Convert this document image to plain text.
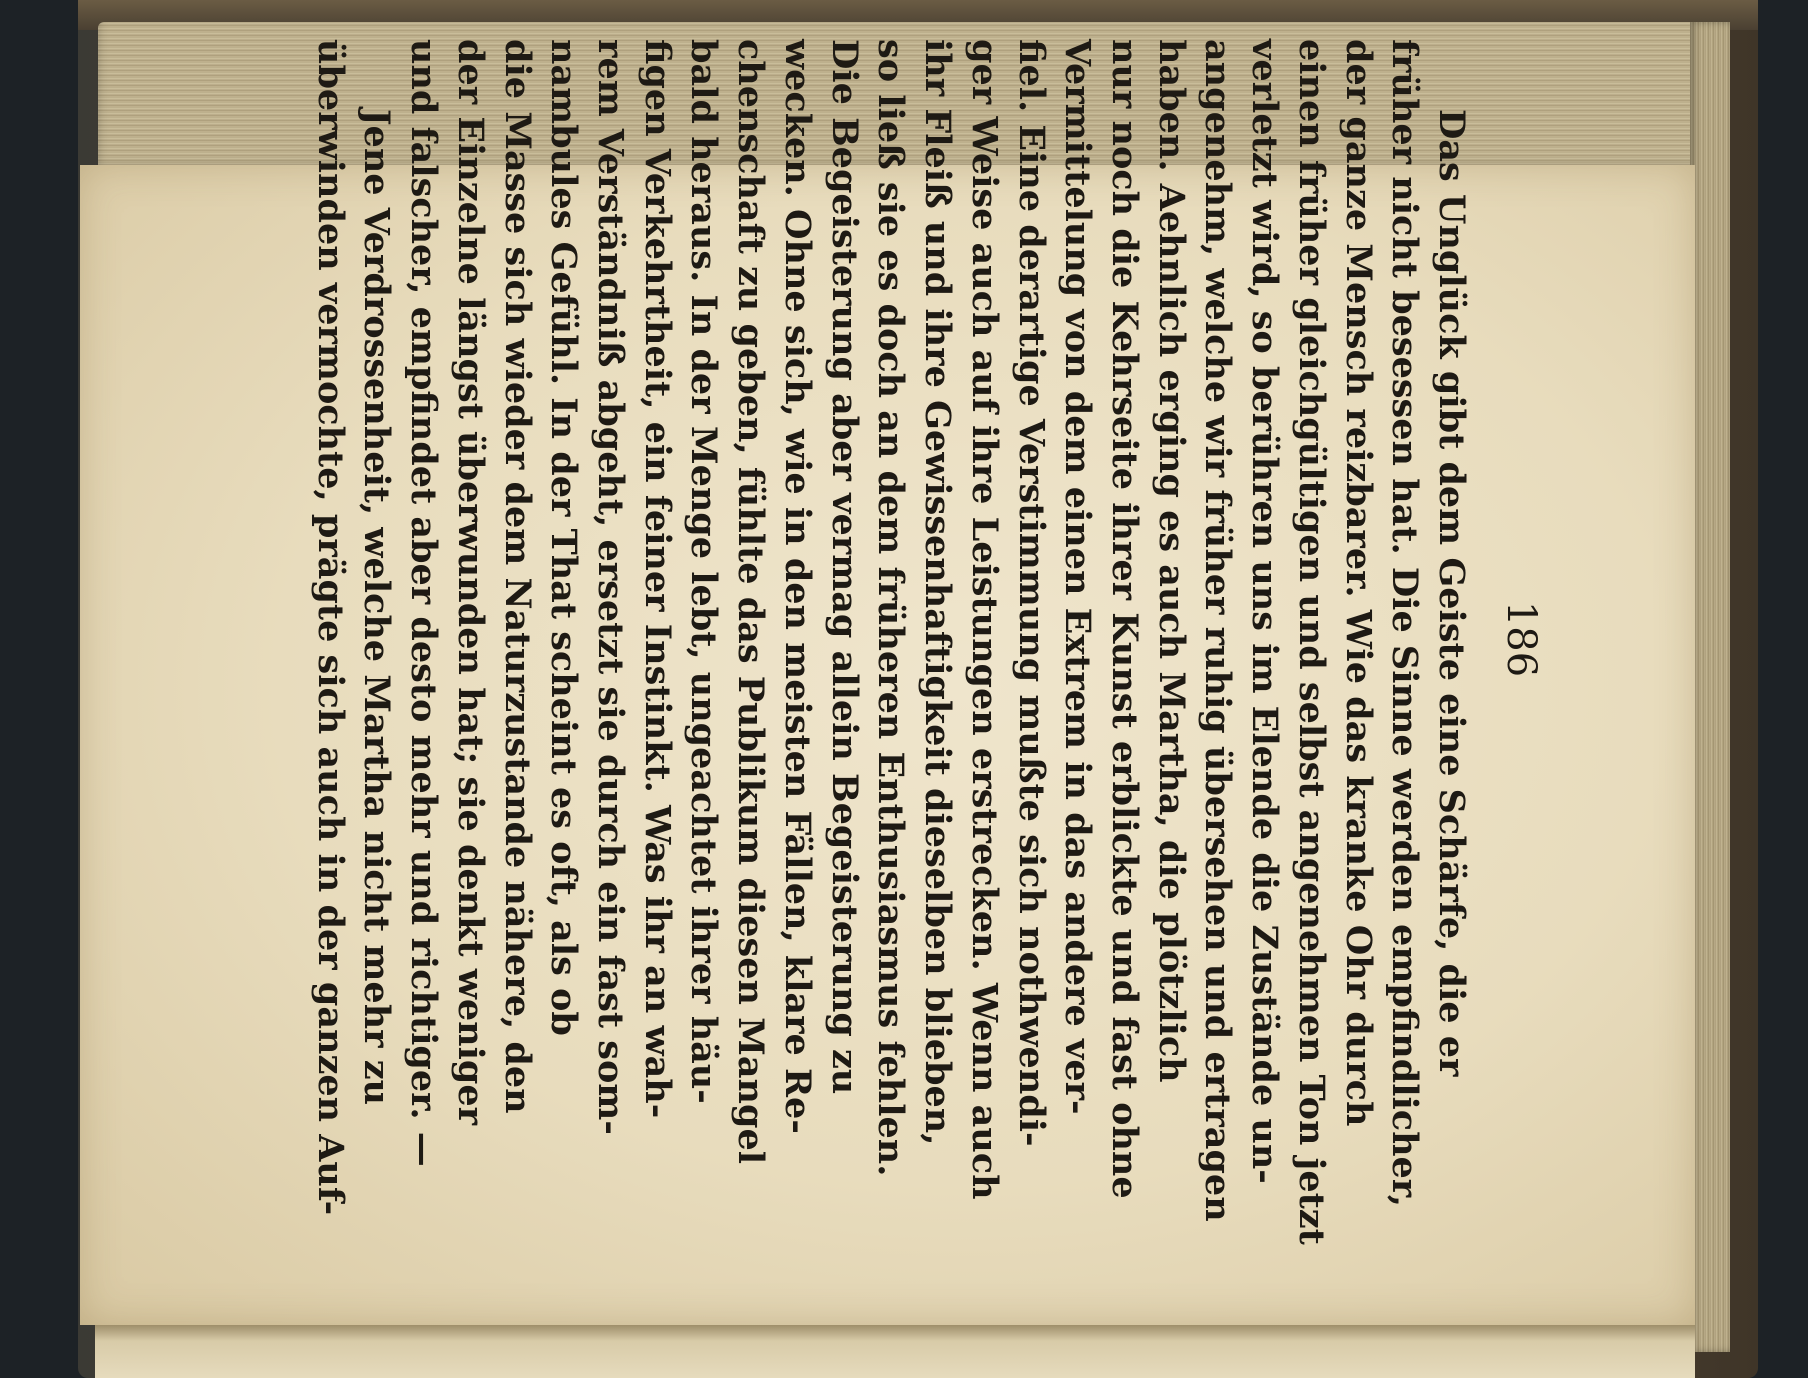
186
Das Unglück gibt dem Geiste eine Schärfe, die er
früher nicht besessen hat. Die Sinne werden empfindlicher,
der ganze Mensch reizbarer. Wie das kranke Ohr durch
einen früher gleichgültigen und selbst angenehmen Ton jetzt
verletzt wird, so berühren uns im Elende die Zustände un-
angenehm, welche wir früher ruhig übersehen und ertragen
haben. Aehnlich erging es auch Martha, die plötzlich
nur noch die Kehrseite ihrer Kunst erblickte und fast ohne
Vermittelung von dem einen Extrem in das andere ver-
fiel. Eine derartige Verstimmung mußte sich nothwendi-
ger Weise auch auf ihre Leistungen erstrecken. Wenn auch
ihr Fleiß und ihre Gewissenhaftigkeit dieselben blieben,
so ließ sie es doch an dem früheren Enthusiasmus fehlen.
Die Begeisterung aber vermag allein Begeisterung zu
wecken. Ohne sich, wie in den meisten Fällen, klare Re-
chenschaft zu geben, fühlte das Publikum diesen Mangel
bald heraus. In der Menge lebt, ungeachtet ihrer häu-
figen Verkehrtheit, ein feiner Instinkt. Was ihr an wah-
rem Verständniß abgeht, ersetzt sie durch ein fast som-
nambules Gefühl. In der That scheint es oft, als ob
die Masse sich wieder dem Naturzustande nähere, den
der Einzelne längst überwunden hat; sie denkt weniger
und falscher, empfindet aber desto mehr und richtiger. —
Jene Verdrossenheit, welche Martha nicht mehr zu
überwinden vermochte, prägte sich auch in der ganzen Auf-
